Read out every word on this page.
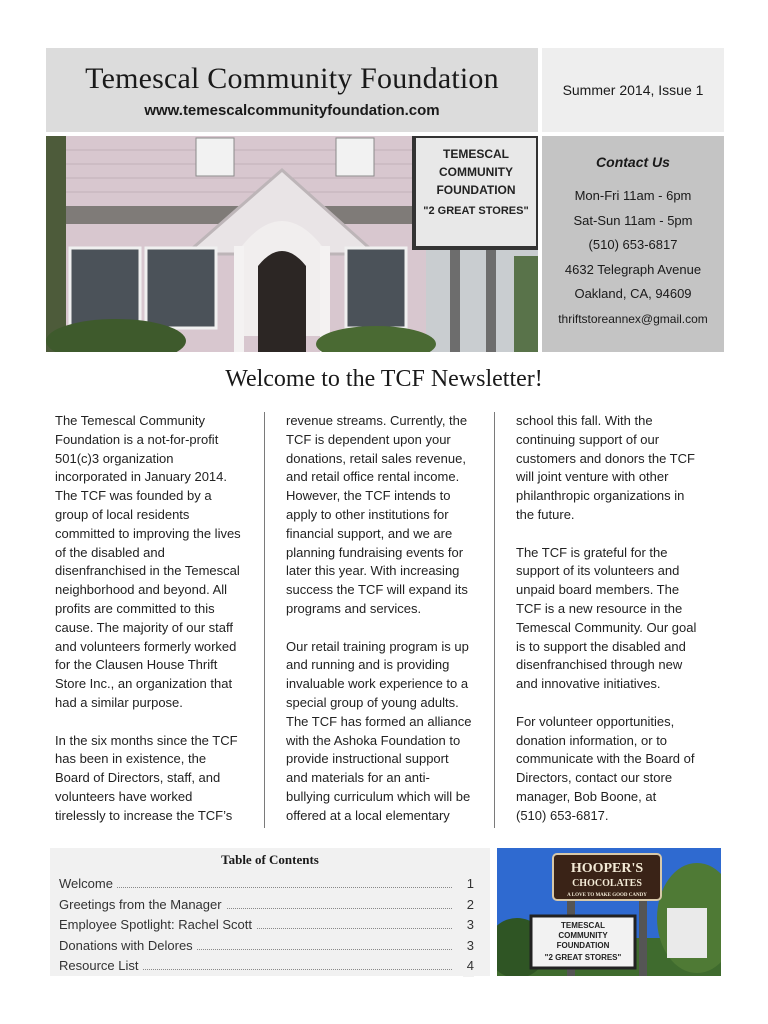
Temescal Community Foundation
www.temescalcommunityfoundation.com
Summer 2014, Issue 1
TEMESCAL
COMMUNITY
FOUNDATION
"2 GREAT STORES"
Contact Us
Mon-Fri 11am - 6pm
Sat-Sun 11am - 5pm
(510) 653-6817
4632 Telegraph Avenue
Oakland, CA, 94609
thriftstoreannex@gmail.com
Welcome to the TCF Newsletter!
The Temescal Community
Foundation is a not-for-profit
501(c)3 organization
incorporated in January 2014.
The TCF was founded by a
group of local residents
committed to improving the lives
of the disabled and
disenfranchised in the Temescal
neighborhood and beyond. All
profits are committed to this
cause. The majority of our staff
and volunteers formerly worked
for the Clausen House Thrift
Store Inc., an organization that
had a similar purpose.
In the six months since the TCF
has been in existence, the
Board of Directors, staff, and
volunteers have worked
tirelessly to increase the TCF’s
revenue streams. Currently, the
TCF is dependent upon your
donations, retail sales revenue,
and retail office rental income.
However, the TCF intends to
apply to other institutions for
financial support, and we are
planning fundraising events for
later this year. With increasing
success the TCF will expand its
programs and services.
Our retail training program is up
and running and is providing
invaluable work experience to a
special group of young adults.
The TCF has formed an alliance
with the Ashoka Foundation to
provide instructional support
and materials for an anti-
bullying curriculum which will be
offered at a local elementary
school this fall. With the
continuing support of our
customers and donors the TCF
will joint venture with other
philanthropic organizations in
the future.
The TCF is grateful for the
support of its volunteers and
unpaid board members. The
TCF is a new resource in the
Temescal Community. Our goal
is to support the disabled and
disenfranchised through new
and innovative initiatives.
For volunteer opportunities,
donation information, or to
communicate with the Board of
Directors, contact our store
manager, Bob Boone, at
(510) 653-6817.
Table of Contents
Welcome	1
Greetings from the Manager	2
Employee Spotlight: Rachel Scott	3
Donations with Delores	3
Resource List	4
HOOPER'S
CHOCOLATES
A LOVE TO MAKE GOOD CANDY
TEMESCAL
COMMUNITY
FOUNDATION
"2 GREAT STORES"
